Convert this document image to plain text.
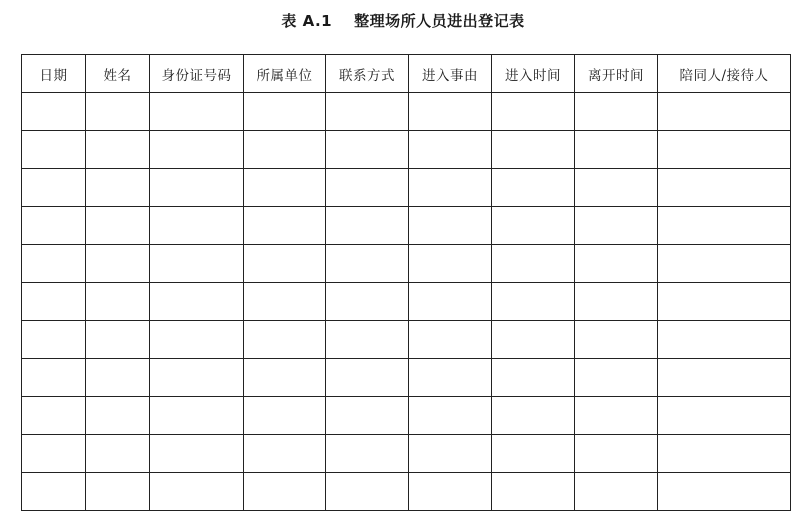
表 A.1 整理场所人员进出登记表
日期	姓名	身份证号码	所属单位	联系方式	进入事由	进入时间	离开时间	陪同人/接待人
